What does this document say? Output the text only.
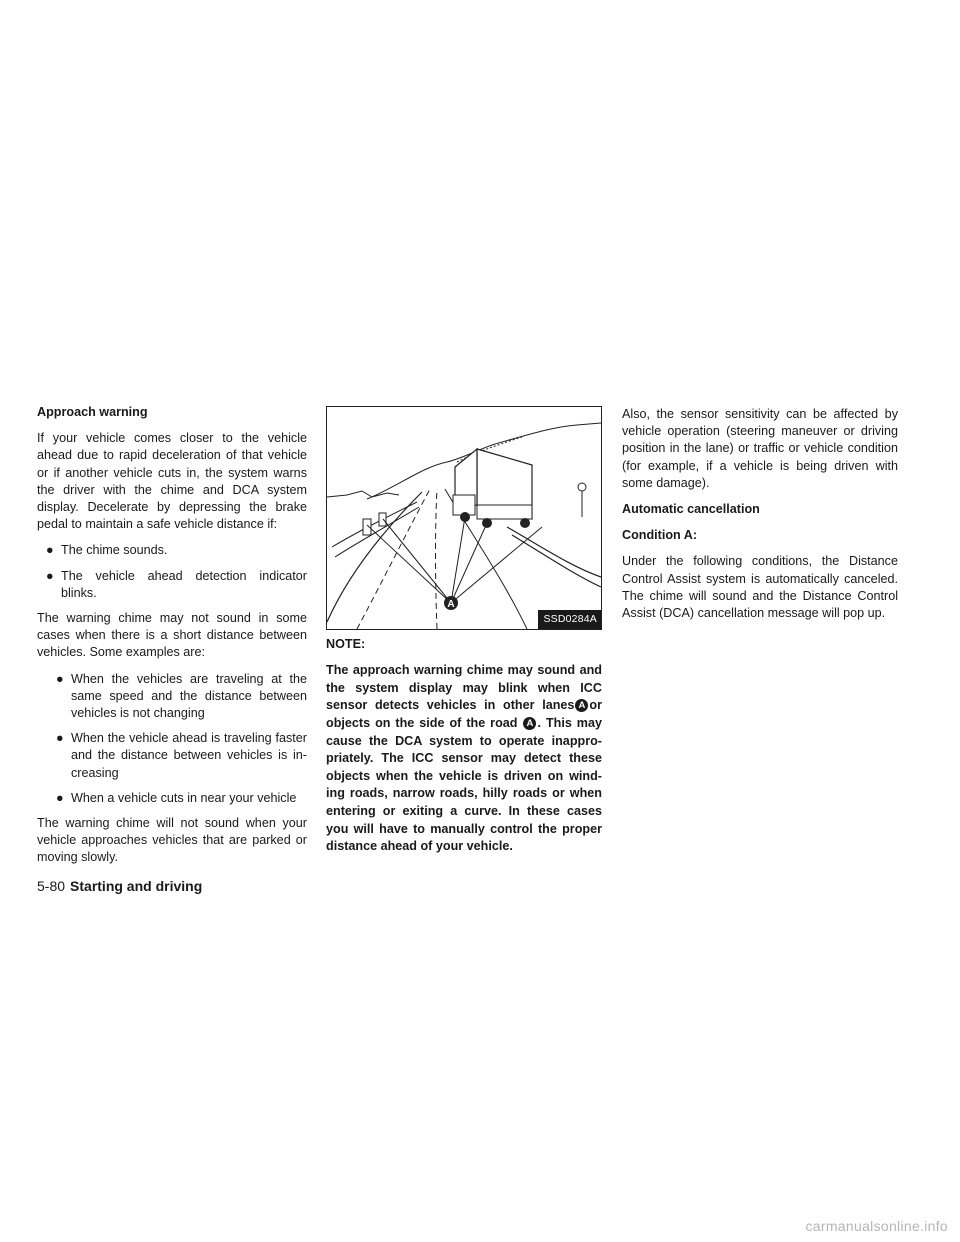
Approach warning

If your vehicle comes closer to the vehicle ahead due to rapid deceleration of that vehicle or if another vehicle cuts in, the system warns the driver with the chime and DCA system display. Decelerate by depressing the brake pedal to maintain a safe vehicle distance if:

● The chime sounds.
● The vehicle ahead detection indicator blinks.

The warning chime may not sound in some cases when there is a short distance between vehicles. Some examples are:

● When the vehicles are traveling at the same speed and the distance between vehicles is not changing
● When the vehicle ahead is traveling faster and the distance between vehicles is in- creasing
● When a vehicle cuts in near your vehicle

The warning chime will not sound when your vehicle approaches vehicles that are parked or moving slowly.

A
SSD0284A
NOTE:

The approach warning chime may sound and the system display may blink when ICC sensor detects vehicles in other lanes A or objects on the side of the road A . This may cause the DCA system to operate inappro- priately. The ICC sensor may detect these objects when the vehicle is driven on wind- ing roads, narrow roads, hilly roads or when entering or exiting a curve. In these cases you will have to manually control the proper distance ahead of your vehicle.

Also, the sensor sensitivity can be affected by vehicle operation (steering maneuver or driving position in the lane) or traffic or vehicle condition (for example, if a vehicle is being driven with some damage).

Automatic cancellation
Condition A:

Under the following conditions, the Distance Control Assist system is automatically canceled. The chime will sound and the Distance Control Assist (DCA) cancellation message will pop up.

5-80 Starting and driving
carmanualsonline.info
